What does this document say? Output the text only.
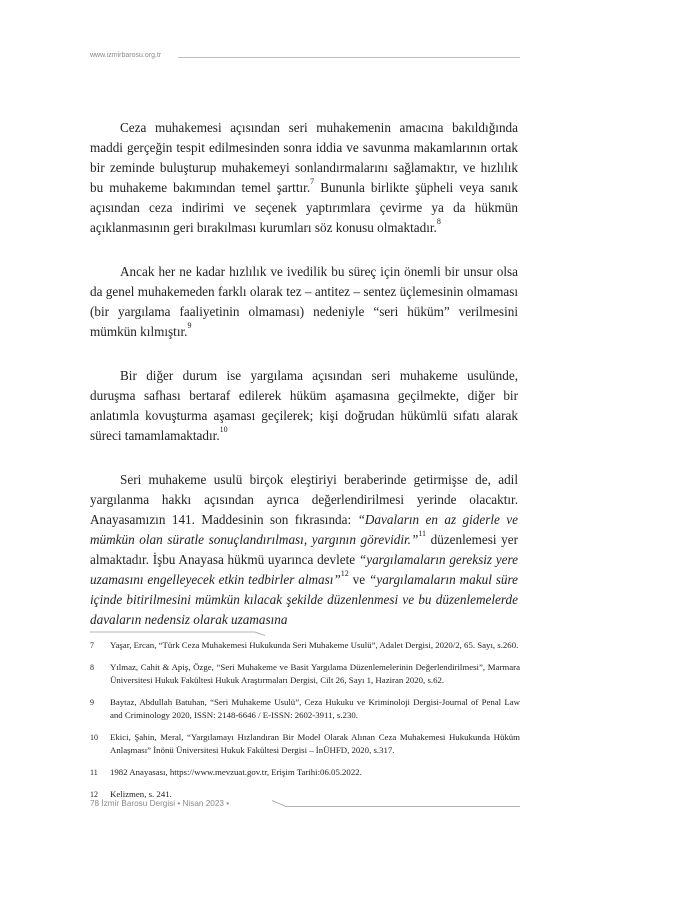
www.izmirbarosu.org.tr

Ceza muhakemesi açısından seri muhakemenin amacına bakıldığında maddi gerçeğin tespit edilmesinden sonra iddia ve savunma makamlarının ortak bir zeminde buluşturup muhakemeyi sonlandırmalarını sağlamaktır, ve hızlılık bu muhakeme bakımından temel şarttır.$^7$ Bununla birlikte şüpheli veya sanık açısından ceza indirimi ve seçenek yaptırımlara çevirme ya da hükmün açıklanmasının geri bırakılması kurumları söz konusu olmaktadır.$^8$

Ancak her ne kadar hızlılık ve ivedilik bu süreç için önemli bir unsur olsa da genel muhakemeden farklı olarak tez – antitez – sentez üçlemesinin olmaması (bir yargılama faaliyetinin olmaması) nedeniyle “seri hüküm” verilmesini mümkün kılmıştır.$^9$

Bir diğer durum ise yargılama açısından seri muhakeme usulünde, duruşma safhası bertaraf edilerek hüküm aşamasına geçilmekte, diğer bir anlatımla kovuşturma aşaması geçilerek; kişi doğrudan hükümlü sıfatı alarak süreci tamamlamaktadır.$^{10}$

Seri muhakeme usulü birçok eleştiriyi beraberinde getirmişse de, adil yargılanma hakkı açısından ayrıca değerlendirilmesi yerinde olacaktır. Anayasamızın 141. Maddesinin son fıkrasında: “Davaların en az giderle ve mümkün olan süratle sonuçlandırılması, yargının görevidir.”$^{11}$ düzenlemesi yer almaktadır. İşbu Anayasa hükmü uyarınca devlete “yargılamaların gereksiz yere uzamasını engelleyecek etkin tedbirler alması”$^{12}$ ve “yargılamaların makul süre içinde bitirilmesini mümkün kılacak şekilde düzenlenmesi ve bu düzenlemelerde davaların nedensiz olarak uzamasına

7	Yaşar, Ercan, “Türk Ceza Muhakemesi Hukukunda Seri Muhakeme Usulü”, Adalet Dergisi, 2020/2, 65. Sayı, s.260.
8	Yılmaz, Cahit & Apiş, Özge, “Seri Muhakeme ve Basit Yargılama Düzenlemelerinin Değerlendirilmesi”, Marmara Üniversitesi Hukuk Fakültesi Hukuk Araştırmaları Dergisi, Cilt 26, Sayı 1, Haziran 2020, s.62.
9	Baytaz, Abdullah Batuhan, “Seri Muhakeme Usulü”, Ceza Hukuku ve Kriminoloji Dergisi-Journal of Penal Law and Criminology 2020, ISSN: 2148-6646 / E-ISSN: 2602-3911, s.230.
10	Ekici, Şahin, Meral, “Yargılamayı Hızlandıran Bir Model Olarak Alınan Ceza Muhakemesi Hukukunda Hüküm Anlaşması” İnönü Üniversitesi Hukuk Fakültesi Dergisi – İnÜHFD, 2020, s.317.
11	1982 Anayasası, https://www.mevzuat.gov.tr, Erişim Tarihi:06.05.2022.
12	Kelizmen, s. 241.
78 İzmir Barosu Dergisi • Nisan 2023 •
